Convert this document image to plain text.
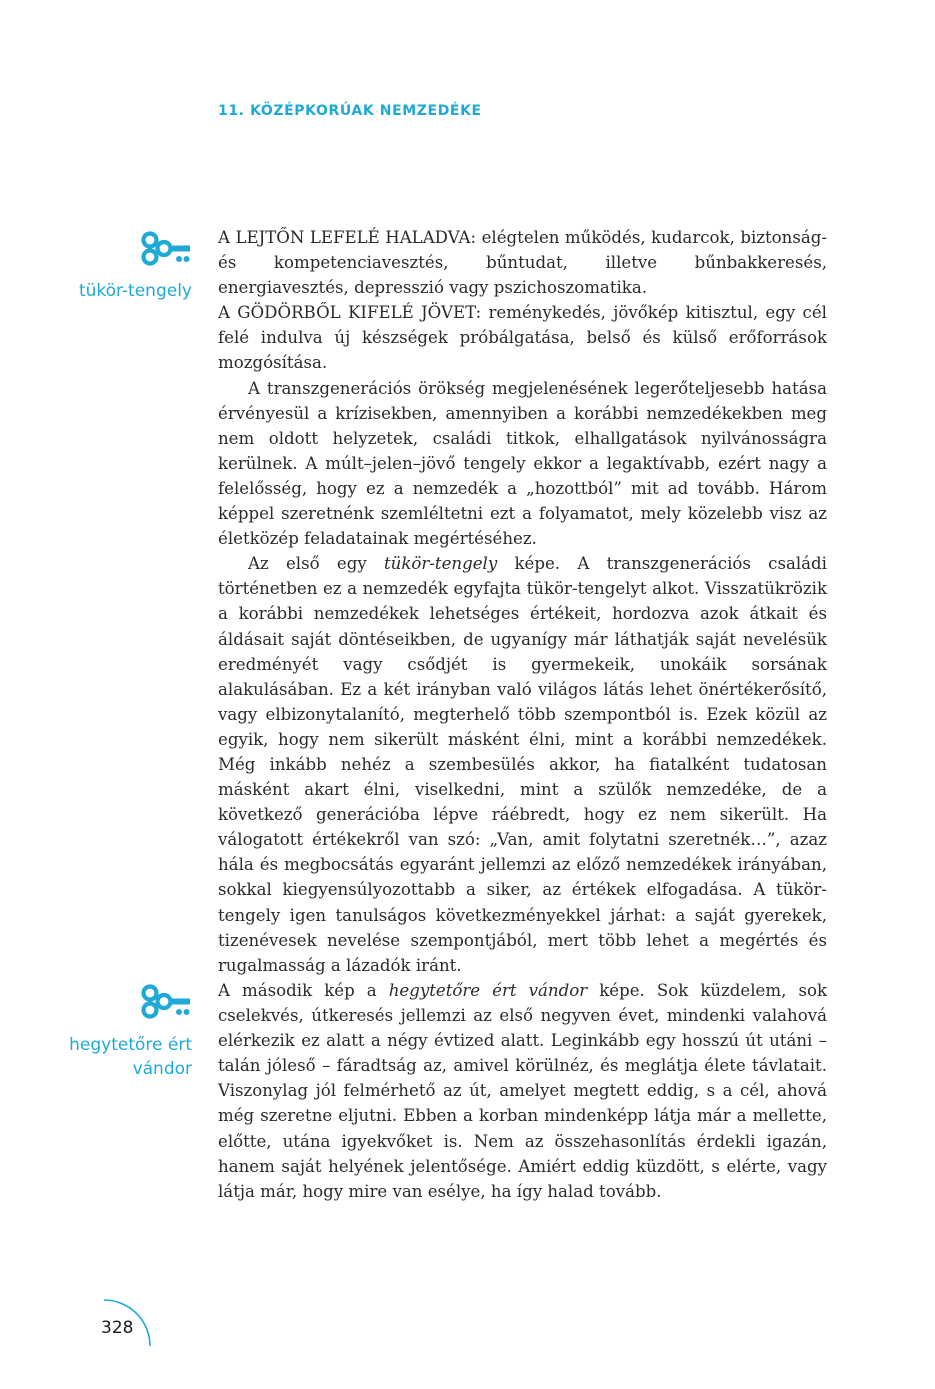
11. KÖZÉPKORÚAK NEMZEDÉKE
tükör-tengely

A LEJTŐN LEFELÉ HALADVA: elégtelen működés, kudarcok, biztonság- és kompetenciavesztés, bűntudat, illetve bűnbakkeresés, energiavesztés, depresszió vagy pszichoszomatika.

A GÖDÖRBŐL KIFELÉ JÖVET: reménykedés, jövőkép kitisztul, egy cél felé indulva új készségek próbálgatása, belső és külső erőforrások mozgósítása.

A transzgenerációs örökség megjelenésének legerőteljesebb hatása érvényesül a krízisekben, amennyiben a korábbi nemzedékekben meg nem oldott helyzetek, családi titkok, elhallgatások nyilvánosságra kerülnek. A múlt–jelen–jövő tengely ekkor a legaktívabb, ezért nagy a felelősség, hogy ez a nemzedék a „hozottból” mit ad tovább. Három képpel szeretnénk szemléltetni ezt a folyamatot, mely közelebb visz az életközép feladatainak megértéséhez.

Az első egy tükör-tengely képe. A transzgenerációs családi történetben ez a nemzedék egyfajta tükör-tengelyt alkot. Visszatükrözik a korábbi nemzedékek lehetséges értékeit, hordozva azok átkait és áldásait saját döntéseikben, de ugyanígy már láthatják saját nevelésük eredményét vagy csődjét is gyermekeik, unokáik sorsának alakulásában. Ez a két irányban való világos látás lehet önértékerősítő, vagy elbizonytalanító, megterhelő több szempontból is. Ezek közül az egyik, hogy nem sikerült másként élni, mint a korábbi nemzedékek. Még inkább nehéz a szembesülés akkor, ha fiatalként tudatosan másként akart élni, viselkedni, mint a szülők nemzedéke, de a következő generációba lépve ráébredt, hogy ez nem sikerült. Ha válogatott értékekről van szó: „Van, amit folytatni szeretnék…”, azaz hála és megbocsátás egyaránt jellemzi az előző nemzedékek irányában, sokkal kiegyensúlyozottabb a siker, az értékek elfogadása. A tükör-tengely igen tanulságos következményekkel járhat: a saját gyerekek, tizenévesek nevelése szempontjából, mert több lehet a megértés és rugalmasság a lázadók iránt.

hegytetőre ért
vándor

A második kép a hegytetőre ért vándor képe. Sok küzdelem, sok cselekvés, útkeresés jellemzi az első negyven évet, mindenki valahová elérkezik ez alatt a négy évtized alatt. Leginkább egy hosszú út utáni – talán jóleső – fáradtság az, amivel körülnéz, és meglátja élete távlatait. Viszonylag jól felmérhető az út, amelyet megtett eddig, s a cél, ahová még szeretne eljutni. Ebben a korban mindenképp látja már a mellette, előtte, utána igyekvőket is. Nem az összehasonlítás érdekli igazán, hanem saját helyének jelentősége. Amiért eddig küzdött, s elérte, vagy látja már, hogy mire van esélye, ha így halad tovább.

328
